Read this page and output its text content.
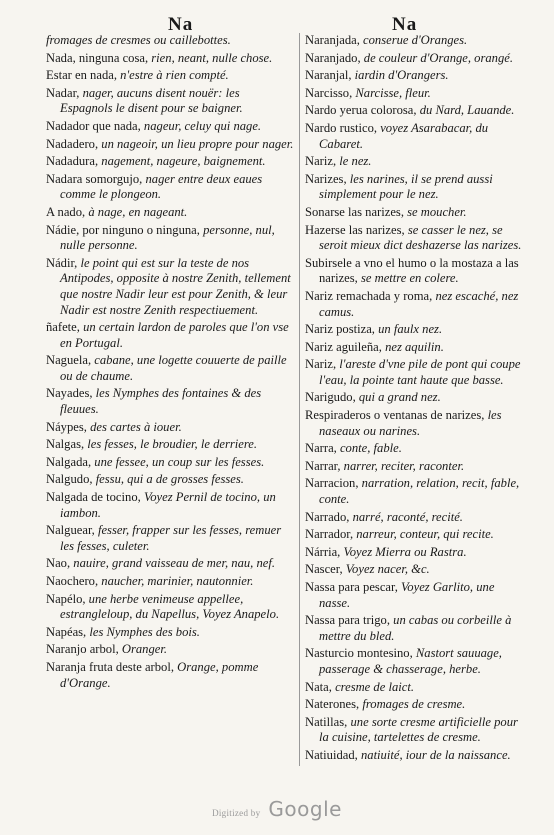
Na	Na
fromages de cresmes ou caillebottes.
Nada, ninguna cosa, rien, neant, nulle chose.
Estar en nada, n'estre à rien compté.
Nadar, nager, aucuns disent nouër: les Espagnols le disent pour se baigner.
Nadador que nada, nageur, celuy qui nage.
Nadadero, un nageoir, un lieu propre pour nager.
Nadadura, nagement, nageure, baignement.
Nadara somorgujo, nager entre deux eaues comme le plongeon.
A nado, à nage, en nageant.
Nádie, por ninguno o ninguna, personne, nul, nulle personne.
Nádir, le point qui est sur la teste de nos Antipodes, opposite à nostre Zenith, tellement que nostre Nadir leur est pour Zenith, & leur Nadir est nostre Zenith respectiuement.
ñafete, un certain lardon de paroles que l'on vse en Portugal.
Naguela, cabane, une logette couuerte de paille ou de chaume.
Nayades, les Nymphes des fontaines & des fleuues.
Náypes, des cartes à iouer.
Nalgas, les fesses, le broudier, le derriere.
Nalgada, une fessee, un coup sur les fesses.
Nalgudo, fessu, qui a de grosses fesses.
Nalgada de tocino, Voyez Pernil de tocino, un iambon.
Nalguear, fesser, frapper sur les fesses, remuer les fesses, culeter.
Nao, nauire, grand vaisseau de mer, nau, nef.
Naochero, naucher, marinier, nautonnier.
Napélo, une herbe venimeuse appellee, estrangleloup, du Napellus, Voyez Anapelo.
Napéas, les Nymphes des bois.
Naranjo arbol, Oranger.
Naranja fruta deste arbol, Orange, pomme d'Orange.
Naranjada, conserue d'Oranges.
Naranjado, de couleur d'Orange, orangé.
Naranjal, iardin d'Orangers.
Narcisso, Narcisse, fleur.
Nardo yerua colorosa, du Nard, Lauande.
Nardo rustico, voyez Asarabacar, du Cabaret.
Nariz, le nez.
Narizes, les narines, il se prend aussi simplement pour le nez.
Sonarse las narizes, se moucher.
Hazerse las narizes, se casser le nez, se seroit mieux dict deshazerse las narizes.
Subirsele a vno el humo o la mostaza a las narizes, se mettre en colere.
Nariz remachada y roma, nez escaché, nez camus.
Nariz postiza, un faulx nez.
Nariz aguileña, nez aquilin.
Nariz, l'areste d'vne pile de pont qui coupe l'eau, la pointe tant haute que basse.
Narigudo, qui a grand nez.
Respiraderos o ventanas de narizes, les naseaux ou narines.
Narra, conte, fable.
Narrar, narrer, reciter, raconter.
Narracion, narration, relation, recit, fable, conte.
Narrado, narré, raconté, recité.
Narrador, narreur, conteur, qui recite.
Nárria, Voyez Mierra ou Rastra.
Nascer, Voyez nacer, &c.
Nassa para pescar, Voyez Garlito, une nasse.
Nassa para trigo, un cabas ou corbeille à mettre du bled.
Nasturcio montesino, Nastort sauuage, passerage & chasserage, herbe.
Nata, cresme de laict.
Naterones, fromages de cresme.
Natillas, une sorte cresme artificielle pour la cuisine, tartelettes de cresme.
Natiuidad, natiuité, iour de la naissance.
Digitized by Google
